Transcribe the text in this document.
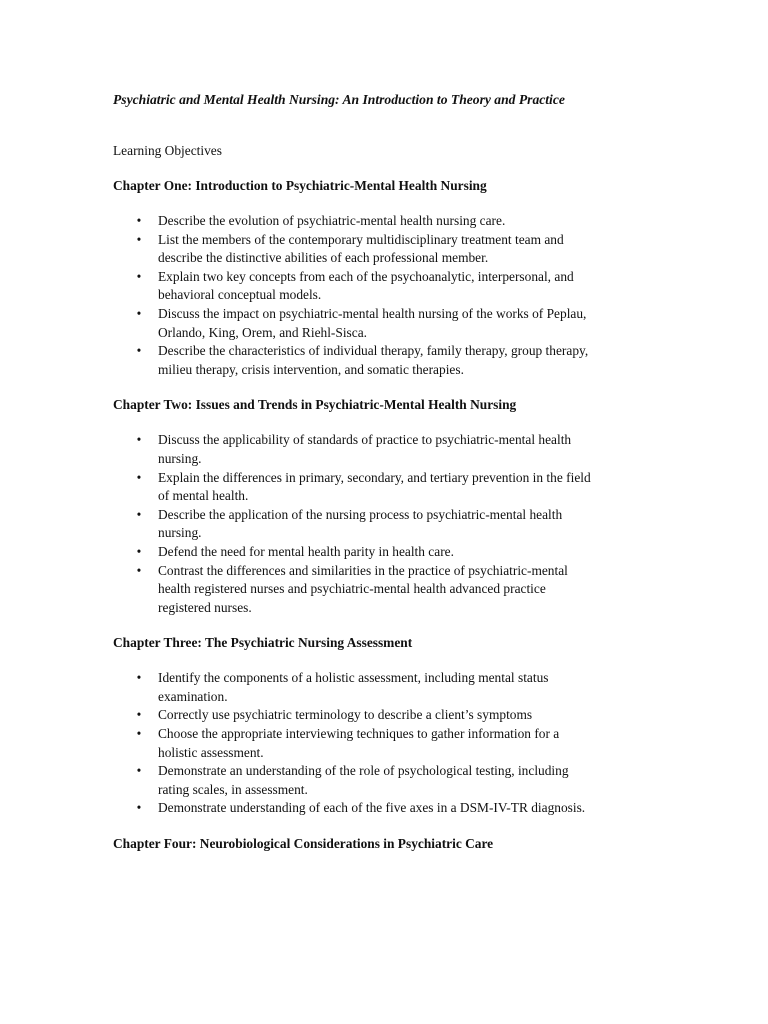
Psychiatric and Mental Health Nursing: An Introduction to Theory and Practice

Learning Objectives

Chapter One: Introduction to Psychiatric-Mental Health Nursing

• Describe the evolution of psychiatric-mental health nursing care.
• List the members of the contemporary multidisciplinary treatment team and
describe the distinctive abilities of each professional member.
• Explain two key concepts from each of the psychoanalytic, interpersonal, and
behavioral conceptual models.
• Discuss the impact on psychiatric-mental health nursing of the works of Peplau,
Orlando, King, Orem, and Riehl-Sisca.
• Describe the characteristics of individual therapy, family therapy, group therapy,
milieu therapy, crisis intervention, and somatic therapies.

Chapter Two: Issues and Trends in Psychiatric-Mental Health Nursing

• Discuss the applicability of standards of practice to psychiatric-mental health
nursing.
• Explain the differences in primary, secondary, and tertiary prevention in the field
of mental health.
• Describe the application of the nursing process to psychiatric-mental health
nursing.
• Defend the need for mental health parity in health care.
• Contrast the differences and similarities in the practice of psychiatric-mental
health registered nurses and psychiatric-mental health advanced practice
registered nurses.

Chapter Three: The Psychiatric Nursing Assessment

• Identify the components of a holistic assessment, including mental status
examination.
• Correctly use psychiatric terminology to describe a client’s symptoms
• Choose the appropriate interviewing techniques to gather information for a
holistic assessment.
• Demonstrate an understanding of the role of psychological testing, including
rating scales, in assessment.
• Demonstrate understanding of each of the five axes in a DSM-IV-TR diagnosis.

Chapter Four: Neurobiological Considerations in Psychiatric Care
